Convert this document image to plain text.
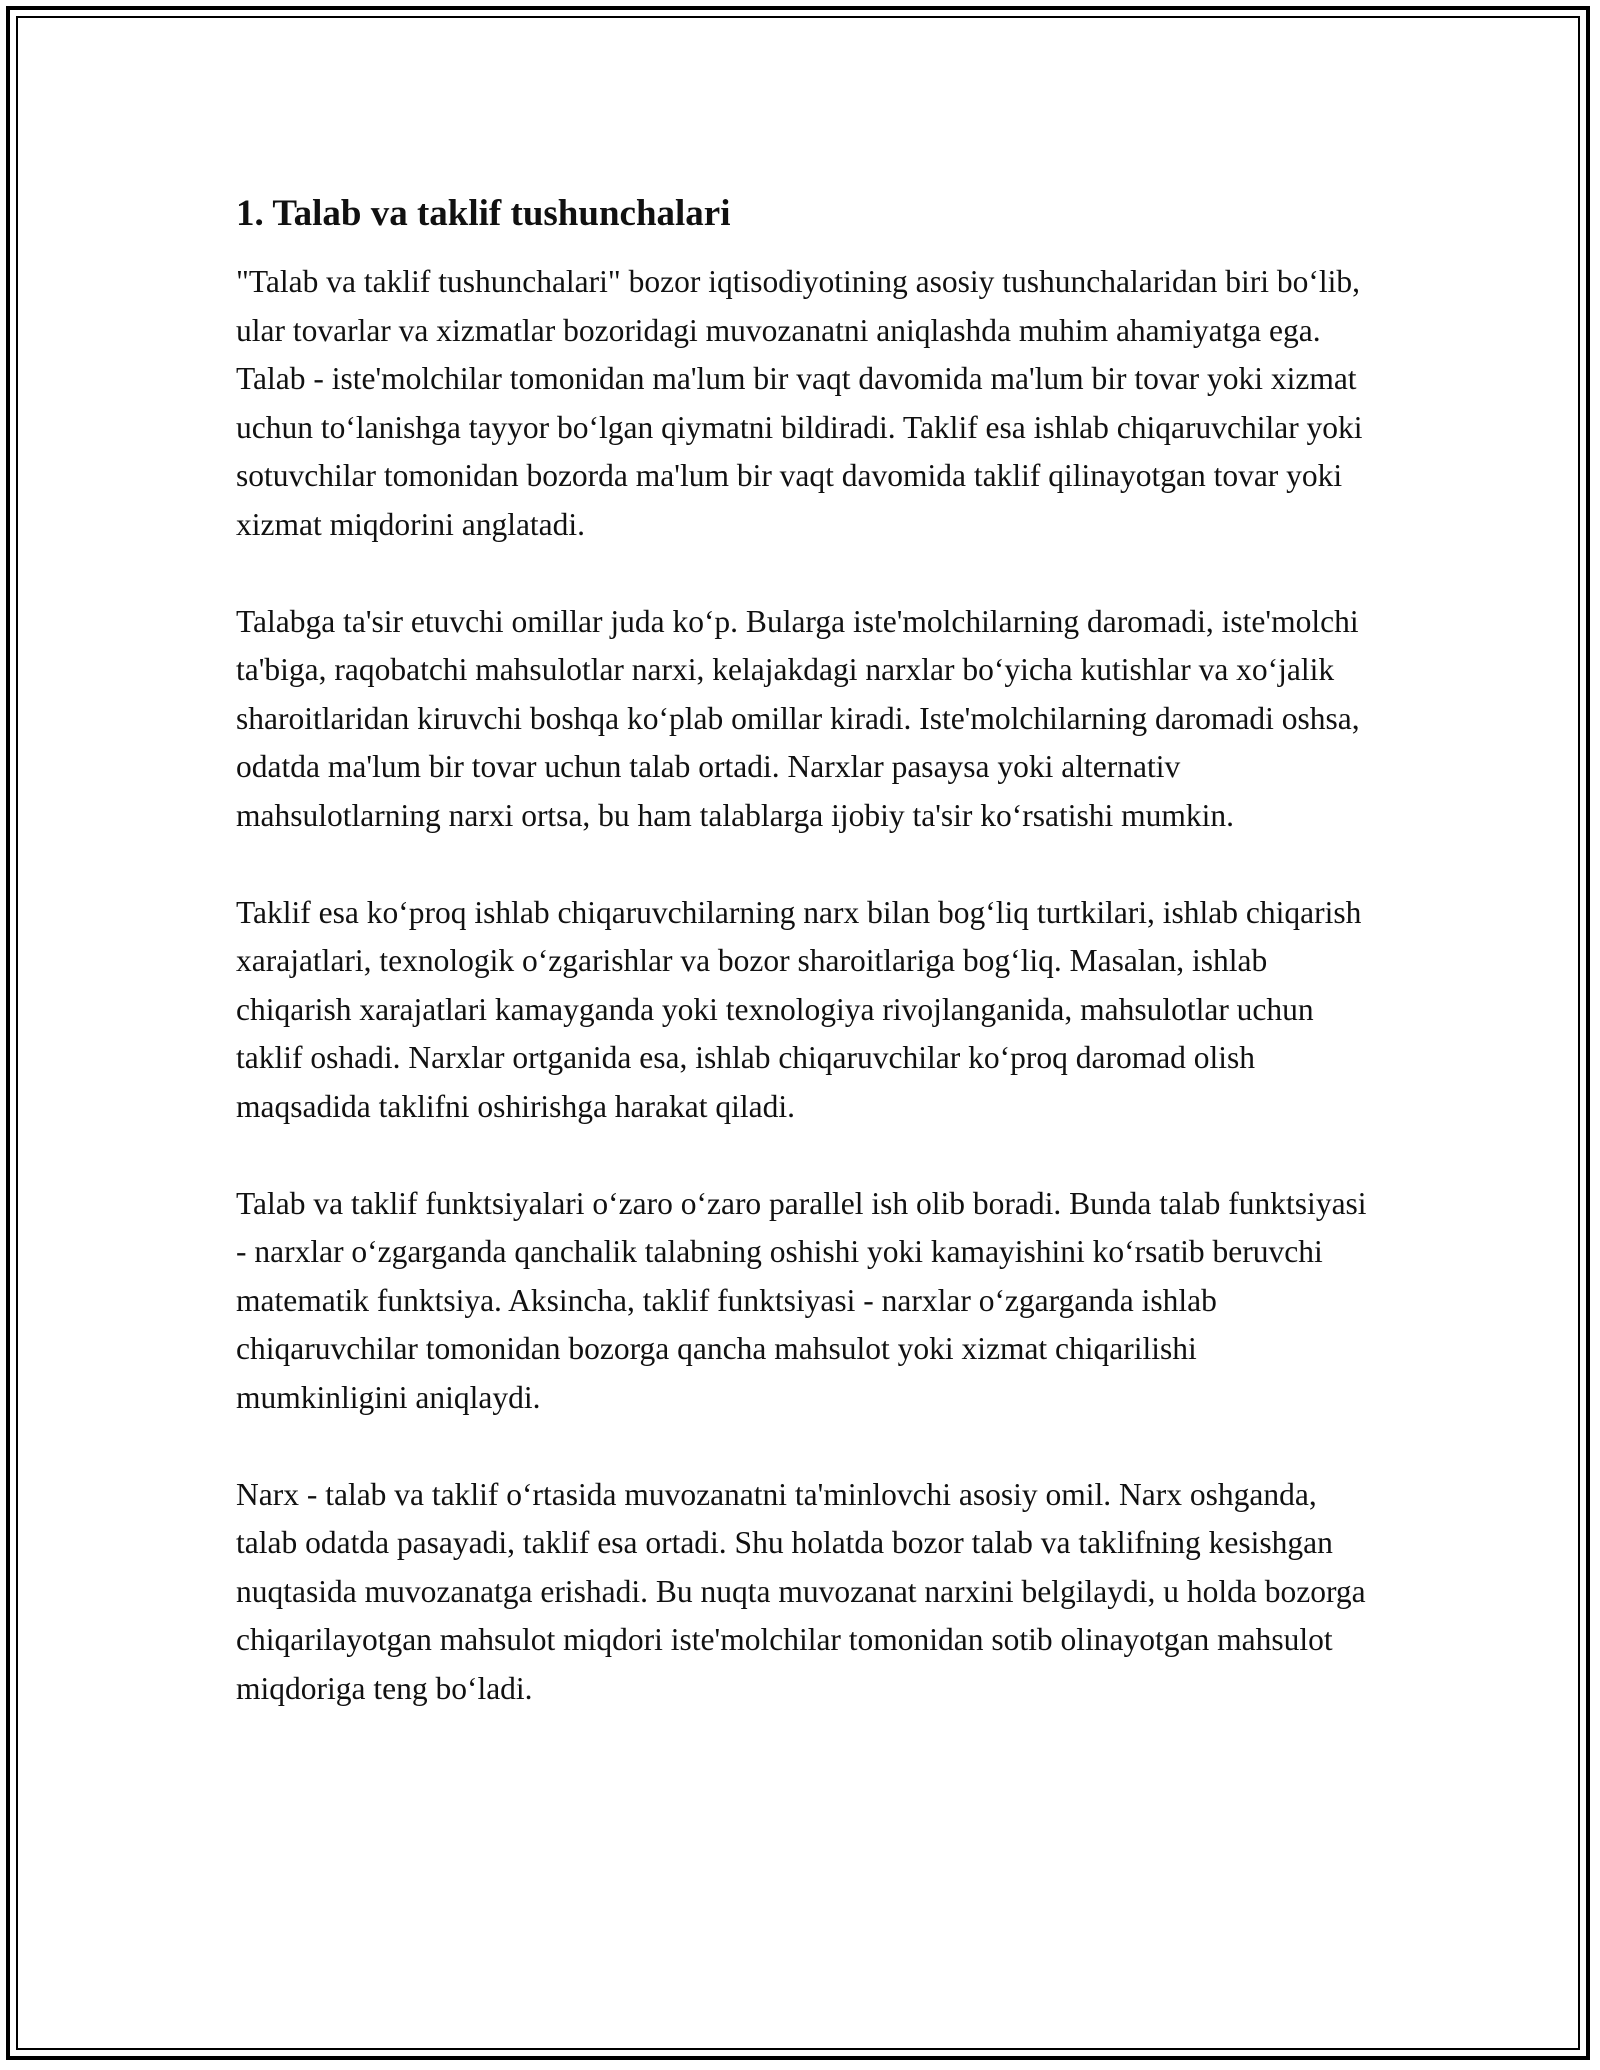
1. Talab va taklif tushunchalari

"Talab va taklif tushunchalari" bozor iqtisodiyotining asosiy tushunchalaridan biri bo‘lib, ular tovarlar va xizmatlar bozoridagi muvozanatni aniqlashda muhim ahamiyatga ega. Talab - iste'molchilar tomonidan ma'lum bir vaqt davomida ma'lum bir tovar yoki xizmat uchun to‘lanishga tayyor bo‘lgan qiymatni bildiradi. Taklif esa ishlab chiqaruvchilar yoki sotuvchilar tomonidan bozorda ma'lum bir vaqt davomida taklif qilinayotgan tovar yoki xizmat miqdorini anglatadi.

Talabga ta'sir etuvchi omillar juda ko‘p. Bularga iste'molchilarning daromadi, iste'molchi ta'biga, raqobatchi mahsulotlar narxi, kelajakdagi narxlar bo‘yicha kutishlar va xo‘jalik sharoitlaridan kiruvchi boshqa ko‘plab omillar kiradi. Iste'molchilarning daromadi oshsa, odatda ma'lum bir tovar uchun talab ortadi. Narxlar pasaysa yoki alternativ mahsulotlarning narxi ortsa, bu ham talablarga ijobiy ta'sir ko‘rsatishi mumkin.

Taklif esa ko‘proq ishlab chiqaruvchilarning narx bilan bog‘liq turtkilari, ishlab chiqarish xarajatlari, texnologik o‘zgarishlar va bozor sharoitlariga bog‘liq. Masalan, ishlab chiqarish xarajatlari kamayganda yoki texnologiya rivojlanganida, mahsulotlar uchun taklif oshadi. Narxlar ortganida esa, ishlab chiqaruvchilar ko‘proq daromad olish maqsadida taklifni oshirishga harakat qiladi.

Talab va taklif funktsiyalari o‘zaro o‘zaro parallel ish olib boradi. Bunda talab funktsiyasi - narxlar o‘zgarganda qanchalik talabning oshishi yoki kamayishini ko‘rsatib beruvchi matematik funktsiya. Aksincha, taklif funktsiyasi - narxlar o‘zgarganda ishlab chiqaruvchilar tomonidan bozorga qancha mahsulot yoki xizmat chiqarilishi mumkinligini aniqlaydi.

Narx - talab va taklif o‘rtasida muvozanatni ta'minlovchi asosiy omil. Narx oshganda, talab odatda pasayadi, taklif esa ortadi. Shu holatda bozor talab va taklifning kesishgan nuqtasida muvozanatga erishadi. Bu nuqta muvozanat narxini belgilaydi, u holda bozorga chiqarilayotgan mahsulot miqdori iste'molchilar tomonidan sotib olinayotgan mahsulot miqdoriga teng bo‘ladi.
